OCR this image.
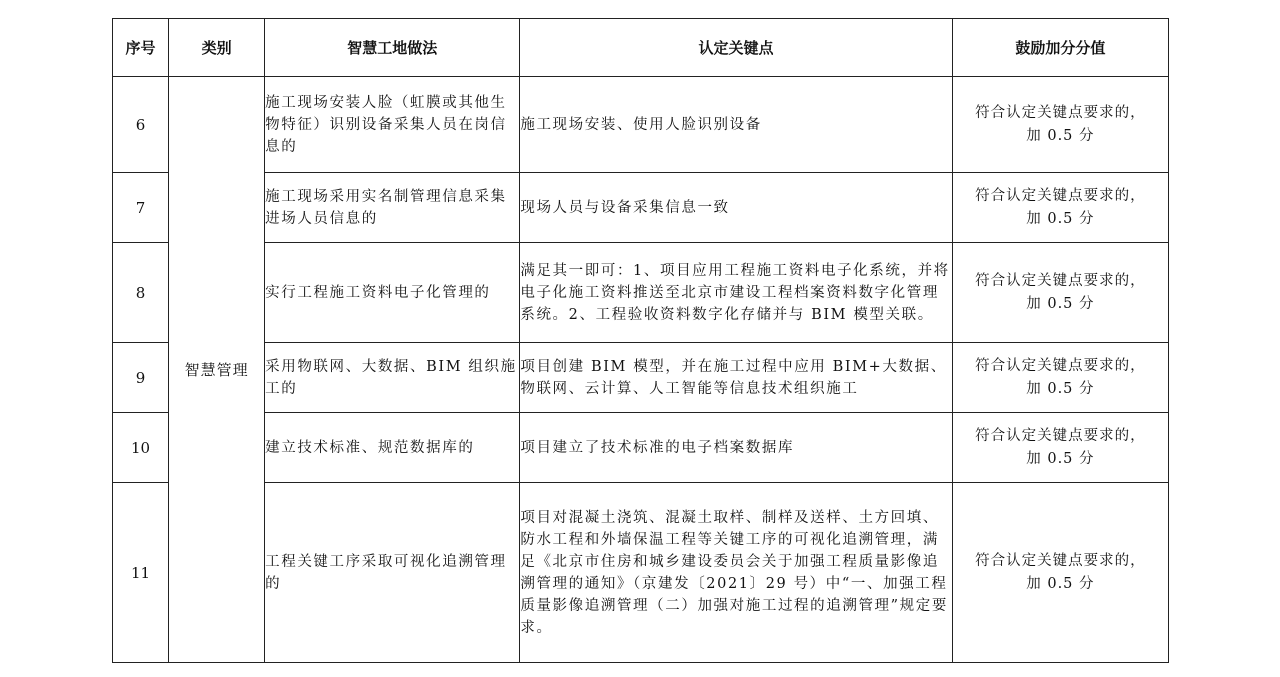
序号	类别	智慧工地做法	认定关键点	鼓励加分分值
6	智慧管理	施工现场安装人脸（虹膜或其他生物特征）识别设备采集人员在岗信息的	施工现场安装、使用人脸识别设备	符合认定关键点要求的，
加 0.5 分

7		施工现场采用实名制管理信息采集进场人员信息的	现场人员与设备采集信息一致	符合认定关键点要求的，
加 0.5 分

8		实行工程施工资料电子化管理的	满足其一即可：1、项目应用工程施工资料电子化系统，并将电子化施工资料推送至北京市建设工程档案资料数字化管理系统。2、工程验收资料数字化存储并与 BIM 模型关联。	符合认定关键点要求的，
加 0.5 分

9		采用物联网、大数据、BIM 组织施工的	项目创建 BIM 模型，并在施工过程中应用 BIM+大数据、物联网、云计算、人工智能等信息技术组织施工	符合认定关键点要求的，
加 0.5 分

10		建立技术标准、规范数据库的	项目建立了技术标准的电子档案数据库	符合认定关键点要求的，
加 0.5 分

11		工程关键工序采取可视化追溯管理的	项目对混凝土浇筑、混凝土取样、制样及送样、土方回填、防水工程和外墙保温工程等关键工序的可视化追溯管理，满足《北京市住房和城乡建设委员会关于加强工程质量影像追溯管理的通知》（京建发〔2021〕29 号）中“一、加强工程质量影像追溯管理（二）加强对施工过程的追溯管理”规定要求。	符合认定关键点要求的，
加 0.5 分
